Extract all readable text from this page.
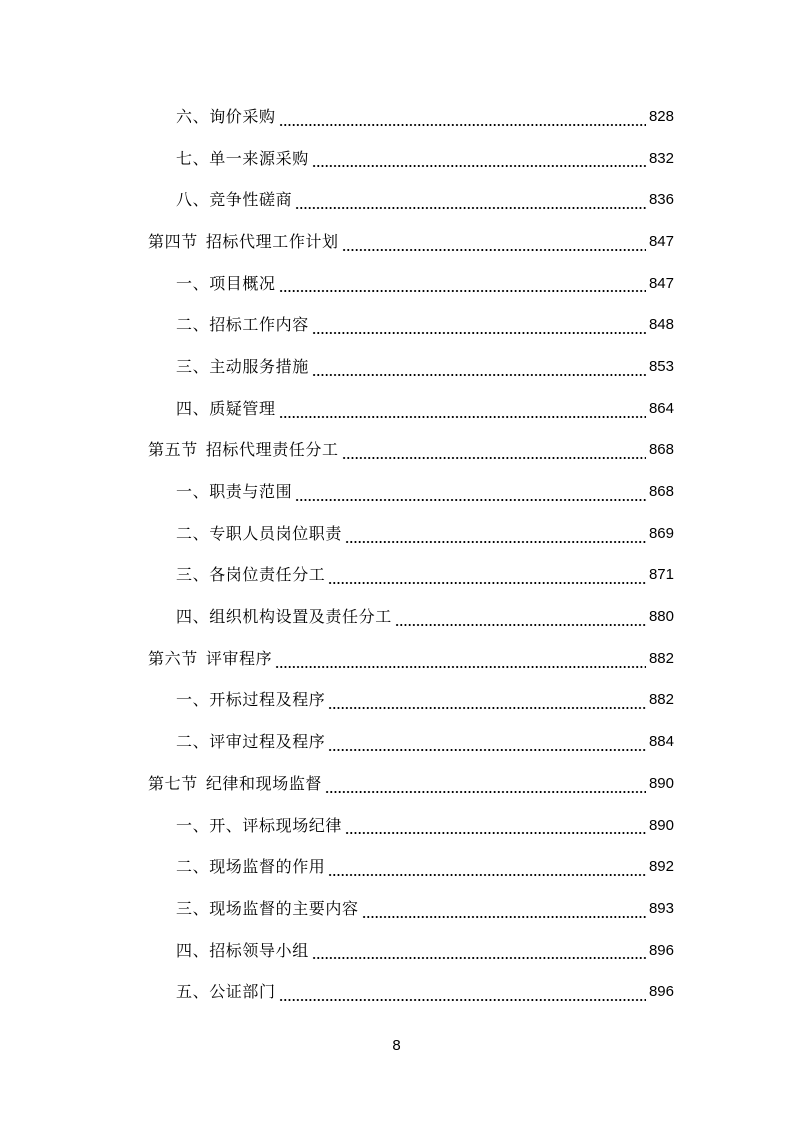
六、询价采购	828
七、单一来源采购	832
八、竞争性磋商	836
第四节 招标代理工作计划	847
一、项目概况	847
二、招标工作内容	848
三、主动服务措施	853
四、质疑管理	864
第五节 招标代理责任分工	868
一、职责与范围	868
二、专职人员岗位职责	869
三、各岗位责任分工	871
四、组织机构设置及责任分工	880
第六节 评审程序	882
一、开标过程及程序	882
二、评审过程及程序	884
第七节 纪律和现场监督	890
一、开、评标现场纪律	890
二、现场监督的作用	892
三、现场监督的主要内容	893
四、招标领导小组	896
五、公证部门	896
8
